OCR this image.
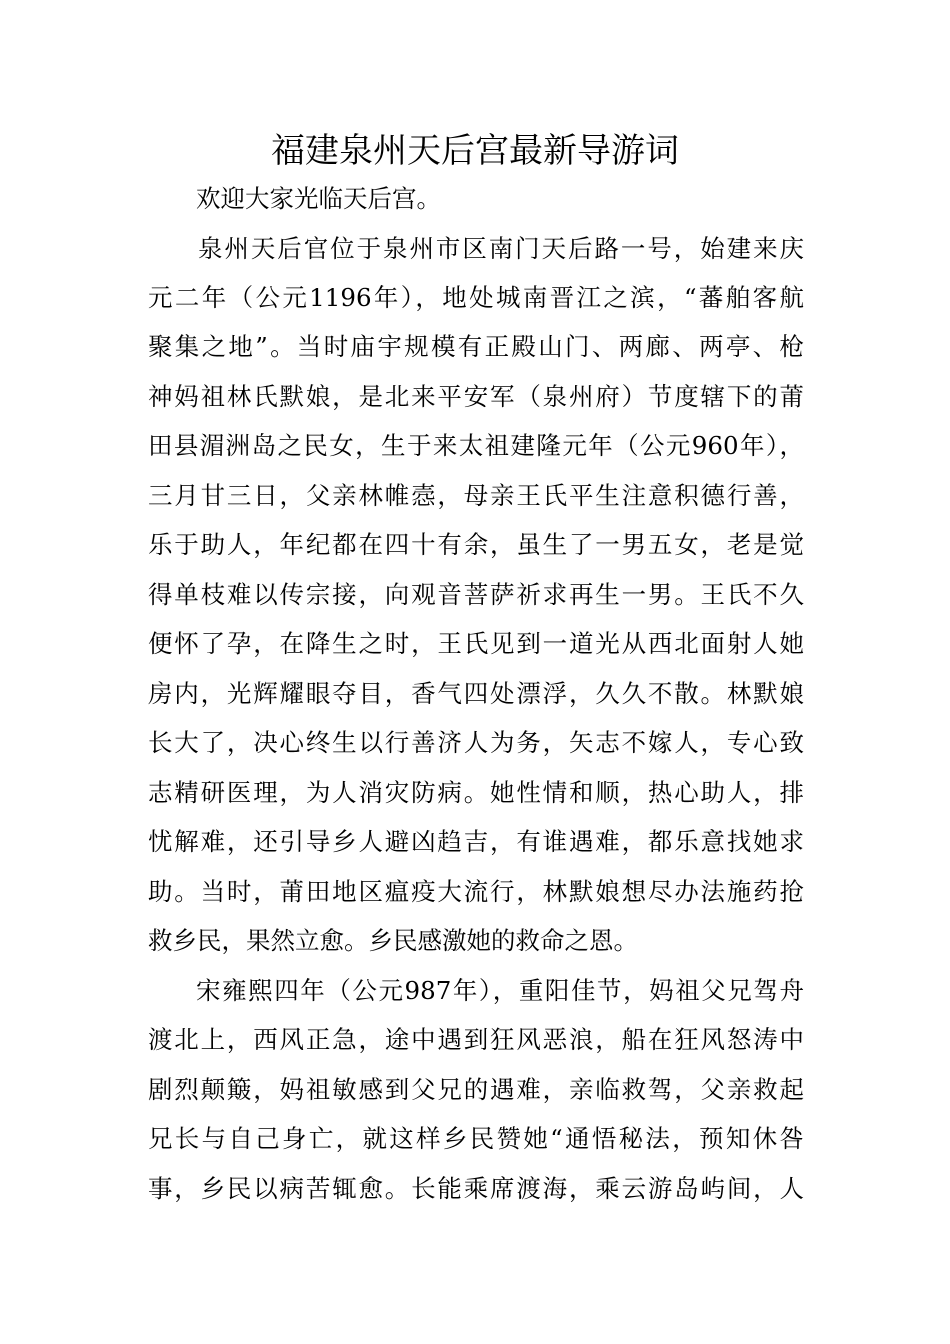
福建泉州天后宫最新导游词
欢迎大家光临天后宫。
泉州天后官位于泉州市区南门天后路一号，始建来庆
元二年（公元1196年），地处城南晋江之滨，“蕃舶客航
聚集之地”。当时庙宇规模有正殿山门、两廊、两亭、枪
神妈祖林氏默娘，是北来平安军（泉州府）节度辖下的莆
田县湄洲岛之民女，生于来太祖建隆元年（公元960年），
三月甘三日，父亲林帷悫，母亲王氏平生注意积德行善，
乐于助人，年纪都在四十有余，虽生了一男五女，老是觉
得单枝难以传宗接，向观音菩萨祈求再生一男。王氏不久
便怀了孕，在降生之时，王氏见到一道光从西北面射人她
房内，光辉耀眼夺目，香气四处漂浮，久久不散。林默娘
长大了，决心终生以行善济人为务，矢志不嫁人，专心致
志精研医理，为人消灾防病。她性情和顺，热心助人，排
忧解难，还引导乡人避凶趋吉，有谁遇难，都乐意找她求
助。当时，莆田地区瘟疫大流行，林默娘想尽办法施药抢
救乡民，果然立愈。乡民感激她的救命之恩。
宋雍熙四年（公元987年），重阳佳节，妈祖父兄驾舟
渡北上，西风正急，途中遇到狂风恶浪，船在狂风怒涛中
剧烈颠簸，妈祖敏感到父兄的遇难，亲临救驾，父亲救起
兄长与自己身亡，就这样乡民赞她“通悟秘法，预知休咎
事，乡民以病苦辄愈。长能乘席渡海，乘云游岛屿间，人
